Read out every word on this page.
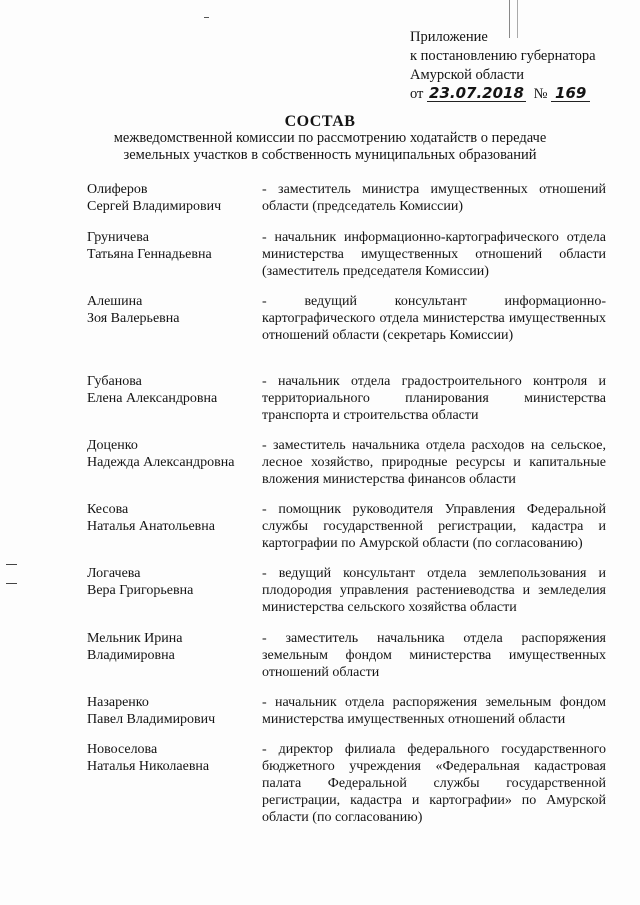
Приложение
к постановлению губернатора
Амурской области
от 23.07.2018 № 169
СОСТАВ
межведомственной комиссии по рассмотрению ходатайств о передаче земельных участков в собственность муниципальных образований
Олиферов
Сергей Владимирович
- заместитель министра имущественных отношений области (председатель Комиссии)
Груничева
Татьяна Геннадьевна
- начальник информационно-картографического отдела министерства имущественных отношений области (заместитель председателя Комиссии)
Алешина
Зоя Валерьевна
- ведущий консультант информационно-картографического отдела министерства имущественных отношений области (секретарь Комиссии)
Губанова
Елена Александровна
- начальник отдела градостроительного контроля и территориального планирования министерства транспорта и строительства области
Доценко
Надежда Александровна
- заместитель начальника отдела расходов на сельское, лесное хозяйство, природные ресурсы и капитальные вложения министерства финансов области
Кесова
Наталья Анатольевна
- помощник руководителя Управления Федеральной службы государственной регистрации, кадастра и картографии по Амурской области (по согласованию)
Логачева
Вера Григорьевна
- ведущий консультант отдела землепользования и плодородия управления растениеводства и земледелия министерства сельского хозяйства области
Мельник Ирина
Владимировна
- заместитель начальника отдела распоряжения земельным фондом министерства имущественных отношений области
Назаренко
Павел Владимирович
- начальник отдела распоряжения земельным фондом министерства имущественных отношений области
Новоселова
Наталья Николаевна
- директор филиала федерального государственного бюджетного учреждения «Федеральная кадастровая палата Федеральной службы государственной регистрации, кадастра и картографии» по Амурской области (по согласованию)
